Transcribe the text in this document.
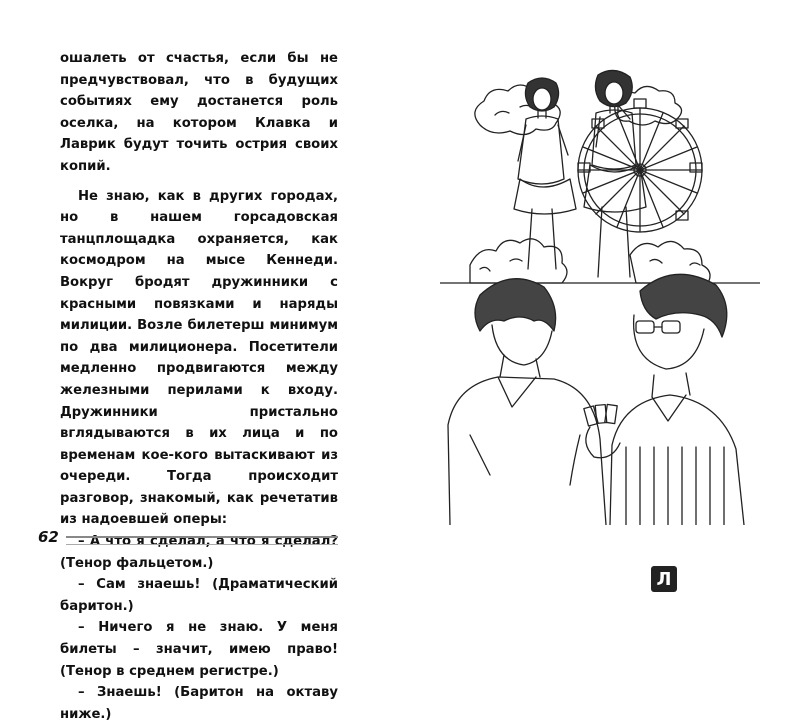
ошалеть от счастья, если бы не предчувствовал, что в будущих событиях ему достанется роль оселка, на котором Клавка и Лаврик будут точить острия своих копий.

Не знаю, как в других городах, но в нашем горсадовская танцплощадка охраняется, как космодром на мысе Кеннеди. Вокруг бродят дружинники с красными повязками и наряды милиции. Возле билетерш минимум по два милиционера. Посетители медленно продвигаются между железными перилами к входу. Дружинники пристально вглядываются в их лица и по временам кое-кого вытаскивают из очереди. Тогда происходит разговор, знакомый, как речетатив из надоевшей оперы:

– А что я сделал, а что я сделал? (Тенор фальцетом.)

– Сам знаешь! (Драматический баритон.)

– Ничего я не знаю. У меня билеты – значит, имею право! (Тенор в среднем регистре.)

– Знаешь! (Баритон на октаву ниже.)

62
Л
